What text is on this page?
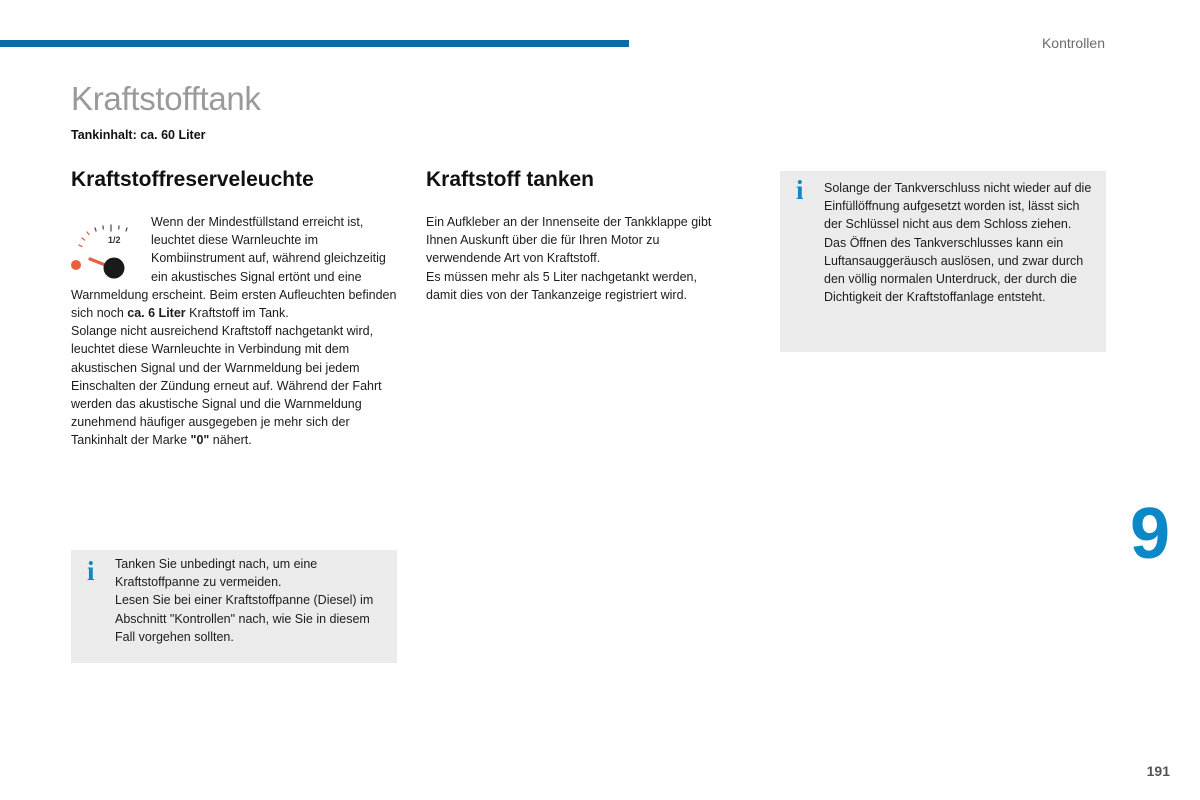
Kontrollen
Kraftstofftank
Tankinhalt: ca. 60 Liter
Kraftstoffreserveleuchte	Kraftstoff tanken
1/2
Wenn der Mindestfüllstand erreicht ist, leuchtet diese Warnleuchte im Kombiinstrument auf, während gleichzeitig ein akustisches Signal ertönt und eine Warnmeldung erscheint. Beim ersten Aufleuchten befinden sich noch ca. 6 Liter Kraftstoff im Tank.
Solange nicht ausreichend Kraftstoff nachgetankt wird, leuchtet diese Warnleuchte in Verbindung mit dem akustischen Signal und der Warnmeldung bei jedem Einschalten der Zündung erneut auf. Während der Fahrt werden das akustische Signal und die Warnmeldung zunehmend häufiger ausgegeben je mehr sich der Tankinhalt der Marke "0" nähert.
Ein Aufkleber an der Innenseite der Tankklappe gibt Ihnen Auskunft über die für Ihren Motor zu verwendende Art von Kraftstoff.
Es müssen mehr als 5 Liter nachgetankt werden, damit dies von der Tankanzeige registriert wird.
i Tanken Sie unbedingt nach, um eine Kraftstoffpanne zu vermeiden.
Lesen Sie bei einer Kraftstoffpanne (Diesel) im Abschnitt "Kontrollen" nach, wie Sie in diesem Fall vorgehen sollten.
i Solange der Tankverschluss nicht wieder auf die Einfüllöffnung aufgesetzt worden ist, lässt sich der Schlüssel nicht aus dem Schloss ziehen.
Das Öffnen des Tankverschlusses kann ein Luftansauggeräusch auslösen, und zwar durch den völlig normalen Unterdruck, der durch die Dichtigkeit der Kraftstoffanlage entsteht.
9
191
